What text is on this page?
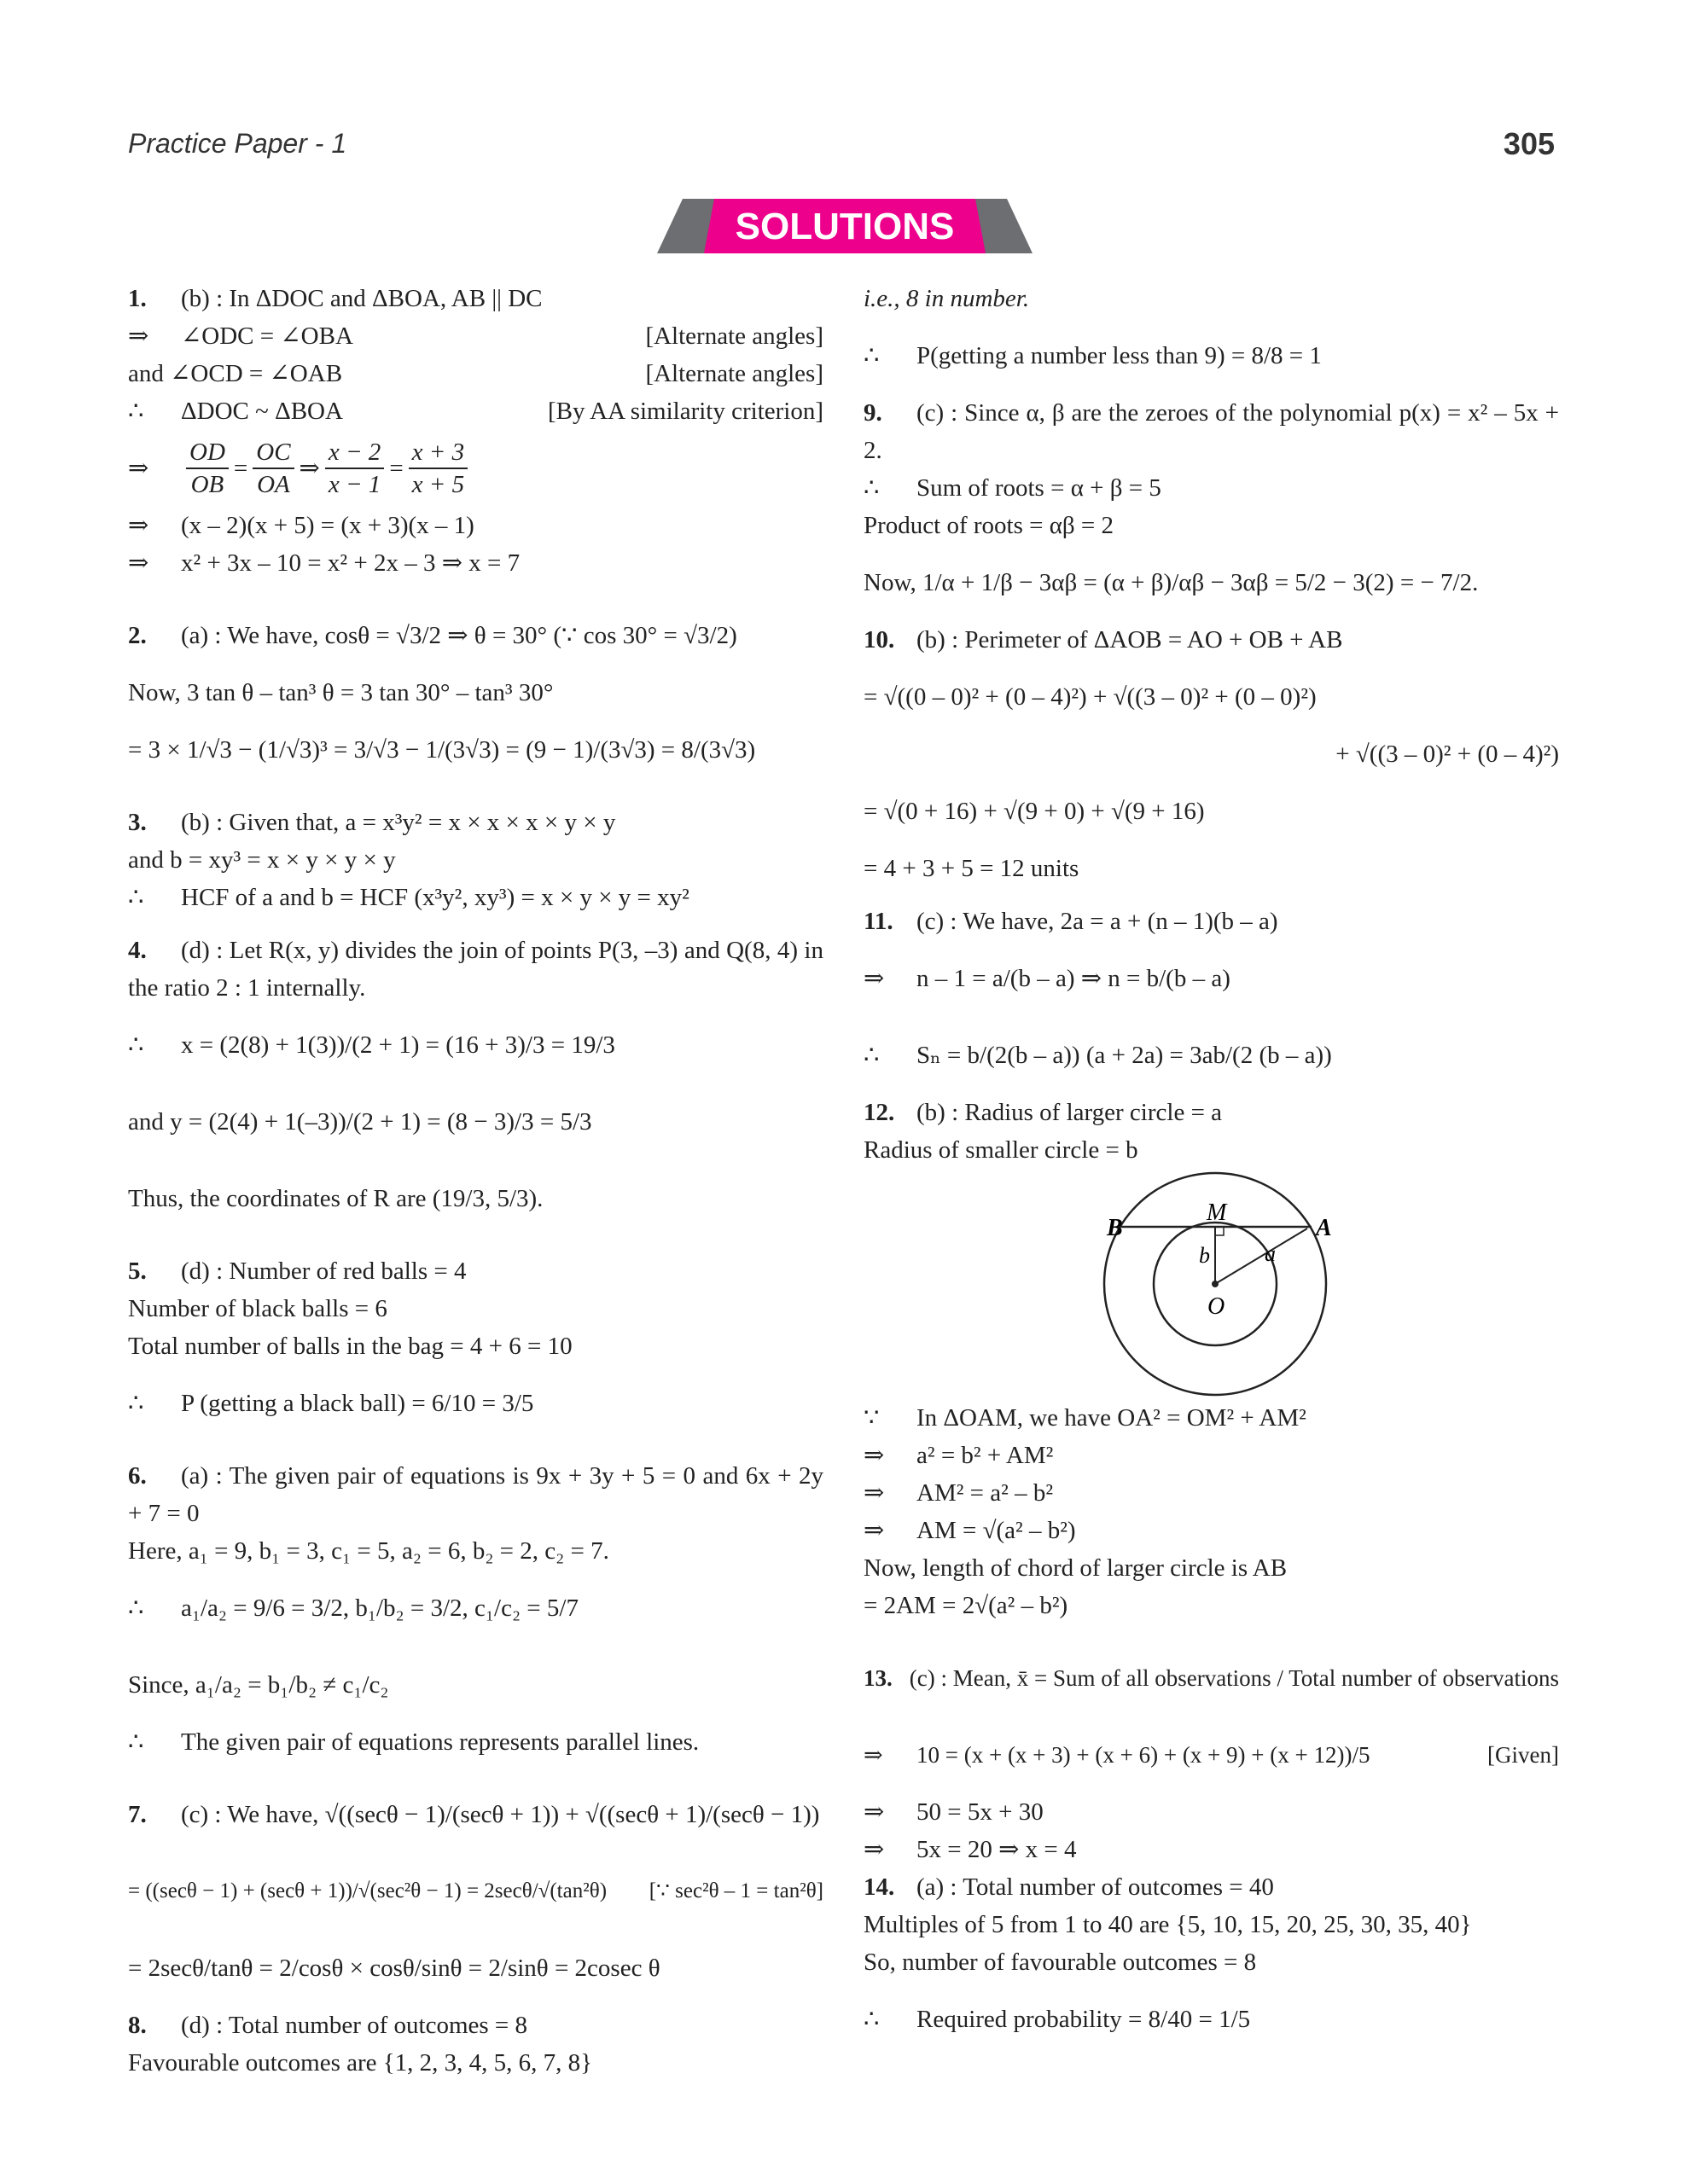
Practice Paper - 1	305
SOLUTIONS
1.	(b) : In ΔDOC and ΔBOA, AB || DC
⇒	∠ODC = ∠OBA	[Alternate angles]
and ∠OCD = ∠OAB	[Alternate angles]
∴	ΔDOC ~ ΔBOA	[By AA similarity criterion]
⇒
OD
OB
=
OC
OA
⇒
x − 2
x − 1
=
x + 3
x + 5
⇒	(x – 2)(x + 5) = (x + 3)(x – 1)
⇒	x² + 3x – 10 = x² + 2x – 3 ⇒ x = 7
2.	(a) : We have, cosθ = √3/2 ⇒ θ = 30° (∵ cos 30° = √3/2)
Now, 3 tan θ – tan³ θ = 3 tan 30° – tan³ 30°
= 3 × 1/√3 − (1/√3)³ = 3/√3 − 1/(3√3) = (9 − 1)/(3√3) = 8/(3√3)
3.	(b) : Given that, a = x³y² = x × x × x × y × y
and b = xy³ = x × y × y × y
∴	HCF of a and b = HCF (x³y², xy³) = x × y × y = xy²
4. (d) : Let R(x, y) divides the join of points P(3, –3) and Q(8, 4) in the ratio 2 : 1 internally.
∴	x = (2(8) + 1(3))/(2 + 1) = (16 + 3)/3 = 19/3
and y = (2(4) + 1(–3))/(2 + 1) = (8 − 3)/3 = 5/3
Thus, the coordinates of R are (19/3, 5/3).
5.	(d) : Number of red balls = 4
Number of black balls = 6
Total number of balls in the bag = 4 + 6 = 10
∴	P (getting a black ball) = 6/10 = 3/5
6. (a) : The given pair of equations is 9x + 3y + 5 = 0 and 6x + 2y + 7 = 0
Here, a₁ = 9, b₁ = 3, c₁ = 5, a₂ = 6, b₂ = 2, c₂ = 7.
∴	a₁/a₂ = 9/6 = 3/2, b₁/b₂ = 3/2, c₁/c₂ = 5/7
Since, a₁/a₂ = b₁/b₂ ≠ c₁/c₂
∴	The given pair of equations represents parallel lines.
7.	(c) : We have, √((secθ − 1)/(secθ + 1)) + √((secθ + 1)/(secθ − 1))
= ((secθ − 1) + (secθ + 1))/√(sec²θ − 1) = 2secθ/√(tan²θ) [∵ sec²θ – 1 = tan²θ]
= 2secθ/tanθ = 2/cosθ × cosθ/sinθ = 2/sinθ = 2cosec θ
8.	(d) : Total number of outcomes = 8
Favourable outcomes are {1, 2, 3, 4, 5, 6, 7, 8}
i.e., 8 in number.
∴	P(getting a number less than 9) = 8/8 = 1
9. (c) : Since α, β are the zeroes of the polynomial p(x) = x² – 5x + 2.
∴	Sum of roots = α + β = 5
Product of roots = αβ = 2
Now, 1/α + 1/β − 3αβ = (α + β)/αβ − 3αβ = 5/2 − 3(2) = − 7/2.
10. (b) : Perimeter of ΔAOB = AO + OB + AB
= √((0 – 0)² + (0 – 4)²) + √((3 – 0)² + (0 – 0)²)
+ √((3 – 0)² + (0 – 4)²)
= √(0 + 16) + √(9 + 0) + √(9 + 16)
= 4 + 3 + 5 = 12 units
11. (c) : We have, 2a = a + (n – 1)(b – a)
⇒	n – 1 = a/(b – a) ⇒ n = b/(b – a)
∴	Sₙ = b/(2(b – a)) (a + 2a) = 3ab/(2 (b – a))
12. (b) : Radius of larger circle = a
Radius of smaller circle = b
B
M
A
b a
O
∵	In ΔOAM, we have OA² = OM² + AM²
⇒	a² = b² + AM²
⇒	AM² = a² – b²
⇒	AM = √(a² – b²)
Now, length of chord of larger circle is AB
= 2AM = 2√(a² – b²)
13. (c) : Mean, x̄ = Sum of all observations / Total number of observations
⇒	10 = (x + (x + 3) + (x + 6) + (x + 9) + (x + 12))/5	[Given]
⇒	50 = 5x + 30
⇒	5x = 20 ⇒ x = 4
14. (a) : Total number of outcomes = 40
Multiples of 5 from 1 to 40 are {5, 10, 15, 20, 25, 30, 35, 40}
So, number of favourable outcomes = 8
∴	Required probability = 8/40 = 1/5
